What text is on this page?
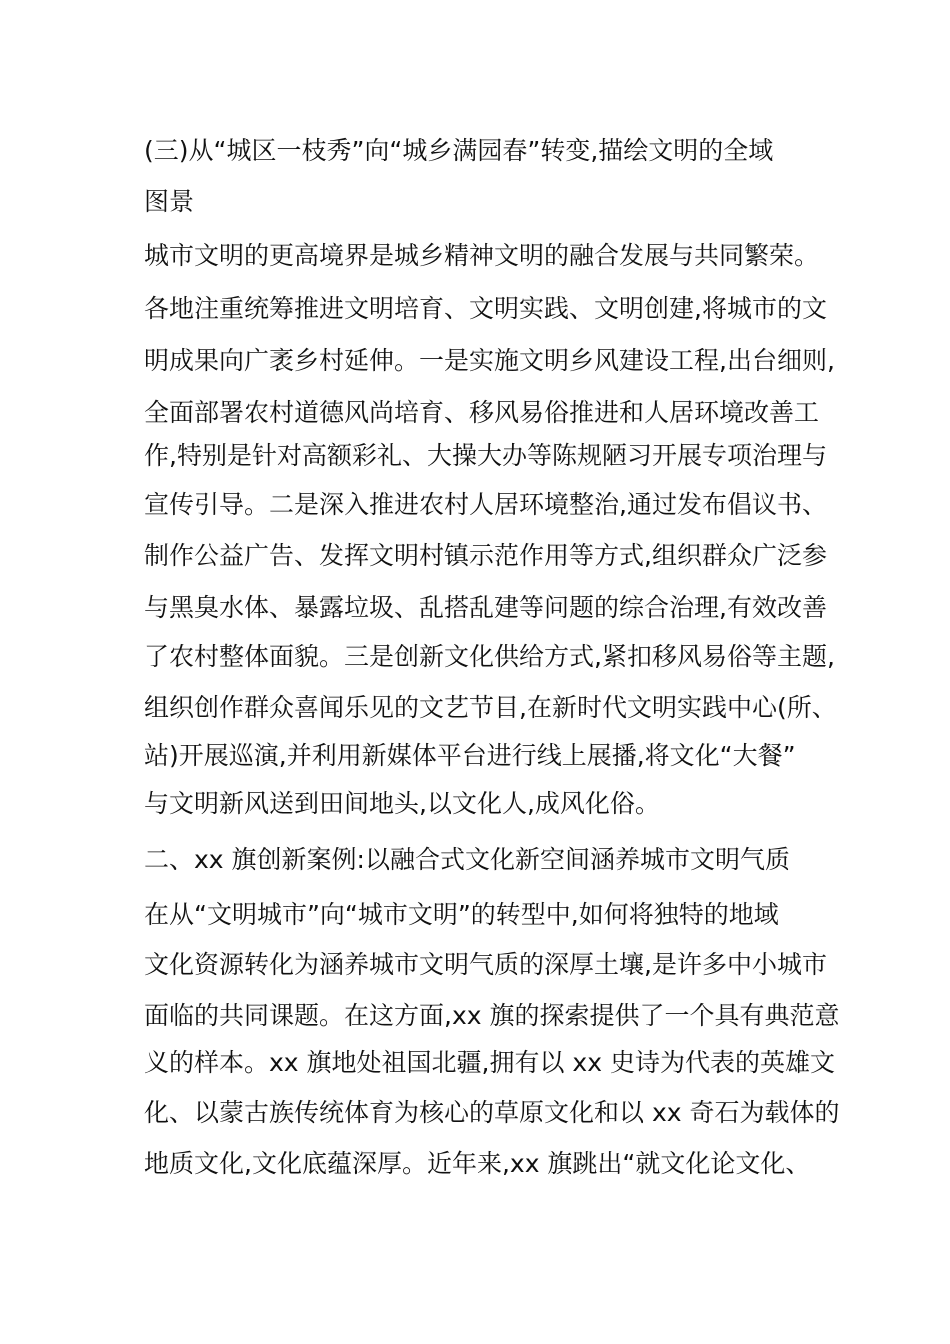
(三)从“城区一枝秀”向“城乡满园春”转变,描绘文明的全域
图景
城市文明的更高境界是城乡精神文明的融合发展与共同繁荣。
各地注重统筹推进文明培育、文明实践、文明创建,将城市的文
明成果向广袤乡村延伸。一是实施文明乡风建设工程,出台细则,
全面部署农村道德风尚培育、移风易俗推进和人居环境改善工
作,特别是针对高额彩礼、大操大办等陈规陋习开展专项治理与
宣传引导。二是深入推进农村人居环境整治,通过发布倡议书、
制作公益广告、发挥文明村镇示范作用等方式,组织群众广泛参
与黑臭水体、暴露垃圾、乱搭乱建等问题的综合治理,有效改善
了农村整体面貌。三是创新文化供给方式,紧扣移风易俗等主题,
组织创作群众喜闻乐见的文艺节目,在新时代文明实践中心(所、
站)开展巡演,并利用新媒体平台进行线上展播,将文化“大餐”
与文明新风送到田间地头,以文化人,成风化俗。
二、xx 旗创新案例:以融合式文化新空间涵养城市文明气质
在从“文明城市”向“城市文明”的转型中,如何将独特的地域
文化资源转化为涵养城市文明气质的深厚土壤,是许多中小城市
面临的共同课题。在这方面,xx 旗的探索提供了一个具有典范意
义的样本。xx 旗地处祖国北疆,拥有以 xx 史诗为代表的英雄文
化、以蒙古族传统体育为核心的草原文化和以 xx 奇石为载体的
地质文化,文化底蕴深厚。近年来,xx 旗跳出“就文化论文化、
